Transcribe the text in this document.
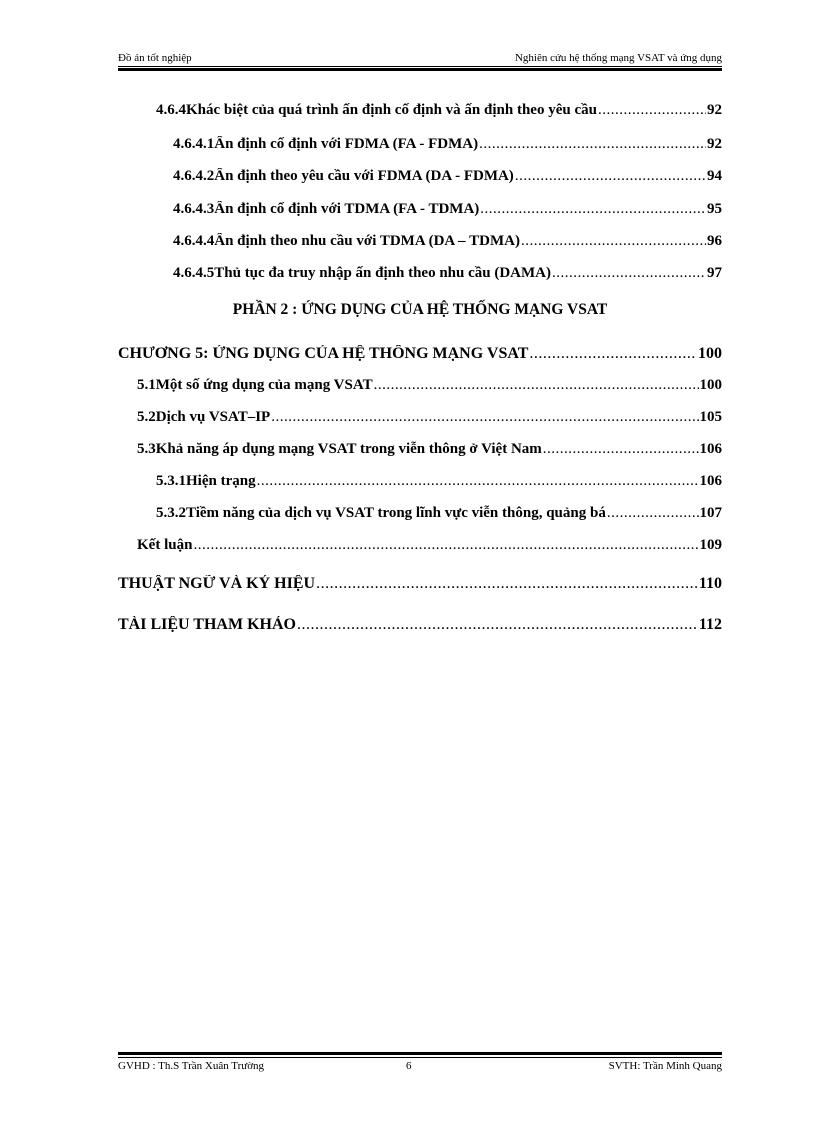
Đồ án tốt nghiệp	Nghiên cứu hệ thống mạng VSAT và ứng dụng
4.6.4 Khác biệt của quá trình ấn định cố định và ấn định theo yêu cầu .....	92
4.6.4.1 Ấn định cố định với FDMA (FA - FDMA) .....	92
4.6.4.2 Ấn định theo yêu cầu với FDMA (DA - FDMA) .....	94
4.6.4.3 Ấn định cố định với TDMA (FA - TDMA) .....	95
4.6.4.4 Ấn định theo nhu cầu với TDMA (DA – TDMA) .....	96
4.6.4.5 Thủ tục đa truy nhập ấn định theo nhu cầu (DAMA) .....	97
PHẦN 2 : ỨNG DỤNG CỦA HỆ THỐNG MẠNG VSAT
CHƯƠNG 5: ỨNG DỤNG CỦA HỆ THỐNG MẠNG VSAT .....	100
5.1 Một số ứng dụng của mạng VSAT .....	100
5.2 Dịch vụ VSAT–IP .....	105
5.3 Khả năng áp dụng mạng VSAT trong viễn thông ở Việt Nam .....	106
5.3.1 Hiện trạng .....	106
5.3.2 Tiềm năng của dịch vụ VSAT trong lĩnh vực viễn thông, quảng bá .....	107
Kết luận .....	109
THUẬT NGỮ VÀ KÝ HIỆU .....	110
TÀI LIỆU THAM KHẢO .....	112
GVHD : Th.S Trần Xuân Trường	6	SVTH: Trần Minh Quang
